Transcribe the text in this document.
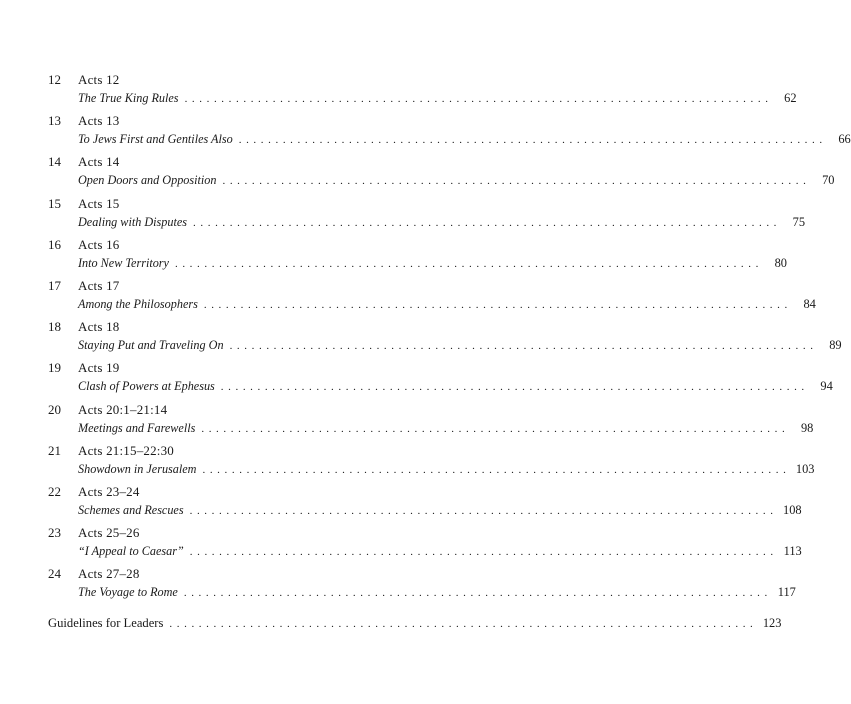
12	Acts 12
The True King Rules ................................................................................ 62
13	Acts 13
To Jews First and Gentiles Also ................................................................................ 66
14	Acts 14
Open Doors and Opposition ................................................................................ 70
15	Acts 15
Dealing with Disputes ................................................................................ 75
16	Acts 16
Into New Territory ................................................................................ 80
17	Acts 17
Among the Philosophers ................................................................................ 84
18	Acts 18
Staying Put and Traveling On ................................................................................ 89
19	Acts 19
Clash of Powers at Ephesus ................................................................................ 94
20	Acts 20:1–21:14
Meetings and Farewells ................................................................................ 98
21	Acts 21:15–22:30
Showdown in Jerusalem ................................................................................ 103
22	Acts 23–24
Schemes and Rescues ................................................................................ 108
23	Acts 25–26
“I Appeal to Caesar” ................................................................................ 113
24	Acts 27–28
The Voyage to Rome ................................................................................ 117
Guidelines for Leaders ................................................................................ 123
